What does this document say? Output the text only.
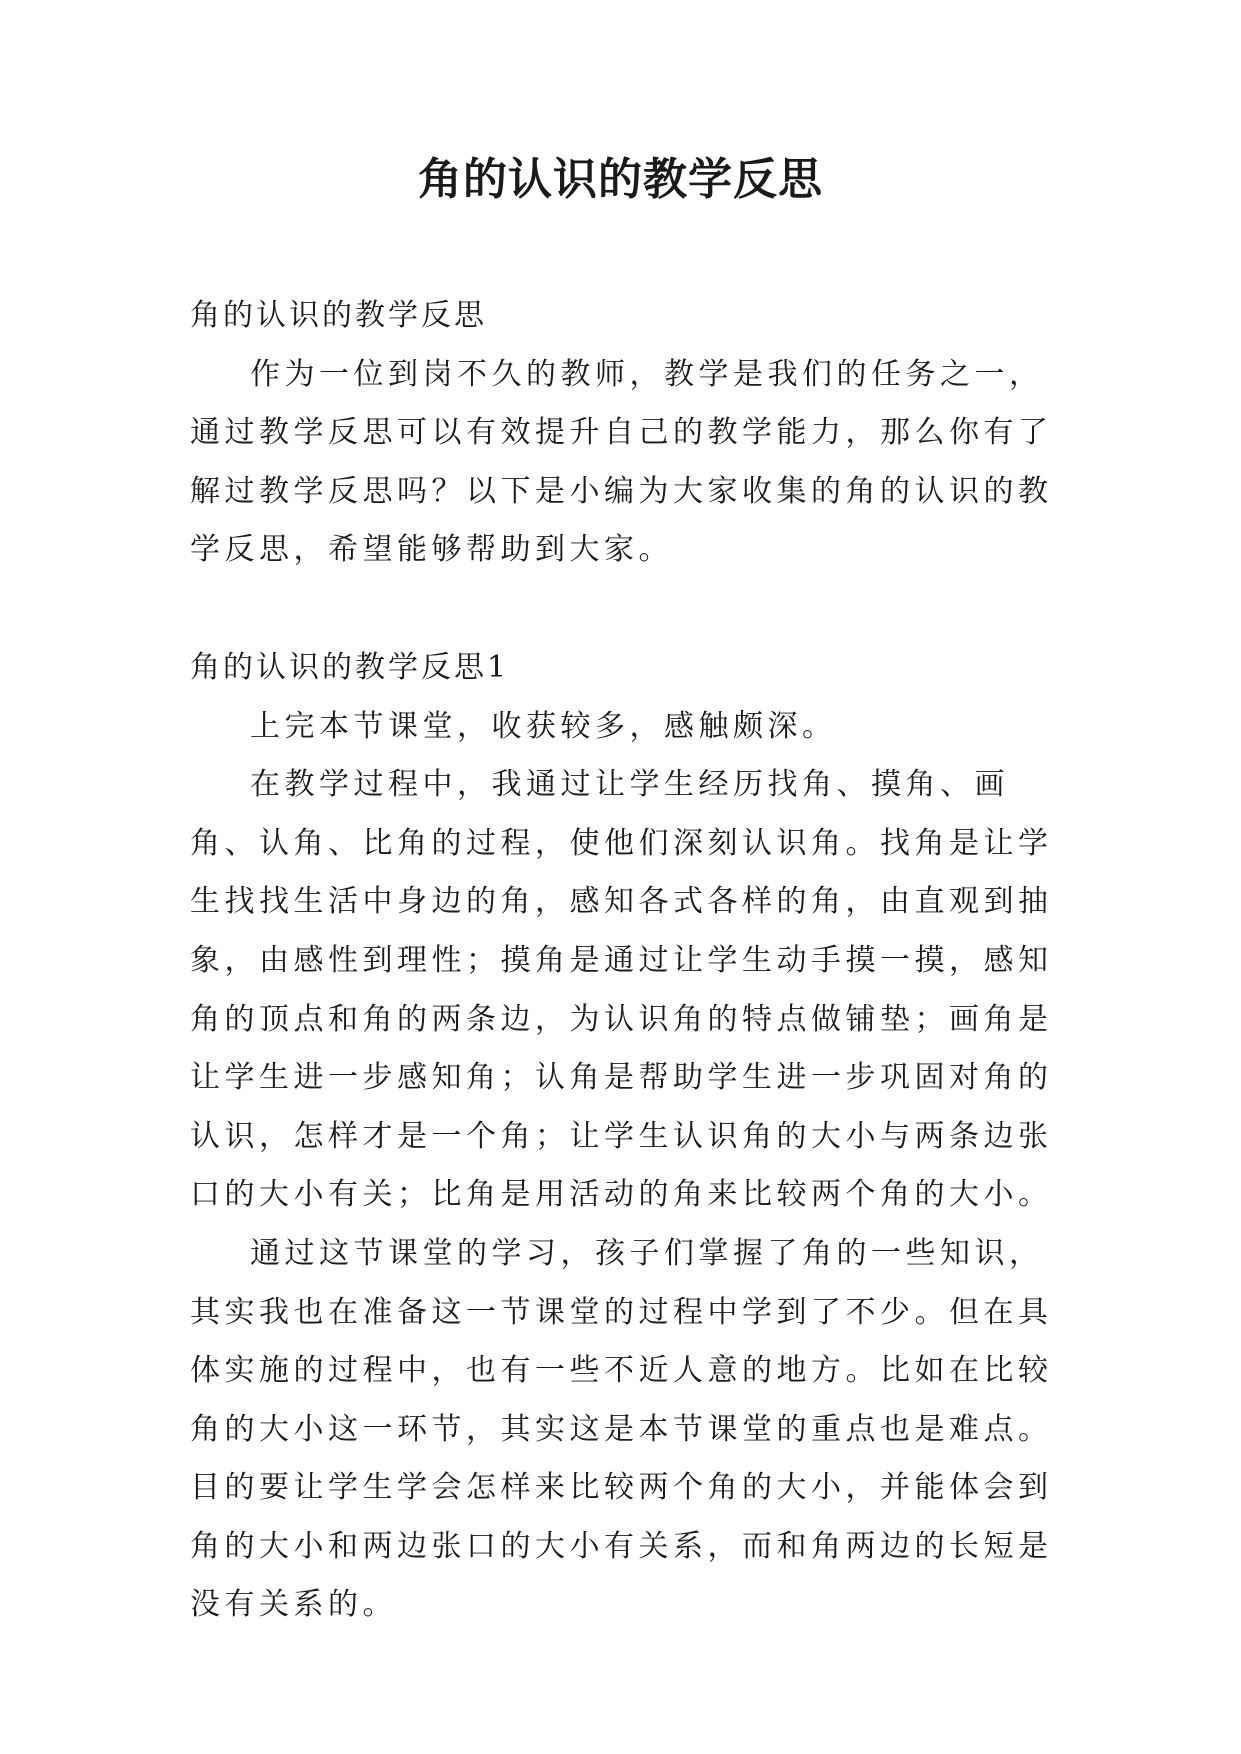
角的认识的教学反思

角的认识的教学反思

作为一位到岗不久的教师，教学是我们的任务之一，通过教学反思可以有效提升自己的教学能力，那么你有了解过教学反思吗？以下是小编为大家收集的角的认识的教学反思，希望能够帮助到大家。

角的认识的教学反思1

上完本节课堂，收获较多，感触颇深。

在教学过程中，我通过让学生经历找角、摸角、画角、认角、比角的过程，使他们深刻认识角。找角是让学生找找生活中身边的角，感知各式各样的角，由直观到抽象，由感性到理性；摸角是通过让学生动手摸一摸，感知角的顶点和角的两条边，为认识角的特点做铺垫；画角是让学生进一步感知角；认角是帮助学生进一步巩固对角的认识，怎样才是一个角；让学生认识角的大小与两条边张口的大小有关；比角是用活动的角来比较两个角的大小。

通过这节课堂的学习，孩子们掌握了角的一些知识，其实我也在准备这一节课堂的过程中学到了不少。但在具体实施的过程中，也有一些不近人意的地方。比如在比较角的大小这一环节，其实这是本节课堂的重点也是难点。目的要让学生学会怎样来比较两个角的大小，并能体会到角的大小和两边张口的大小有关系，而和角两边的长短是没有关系的。
